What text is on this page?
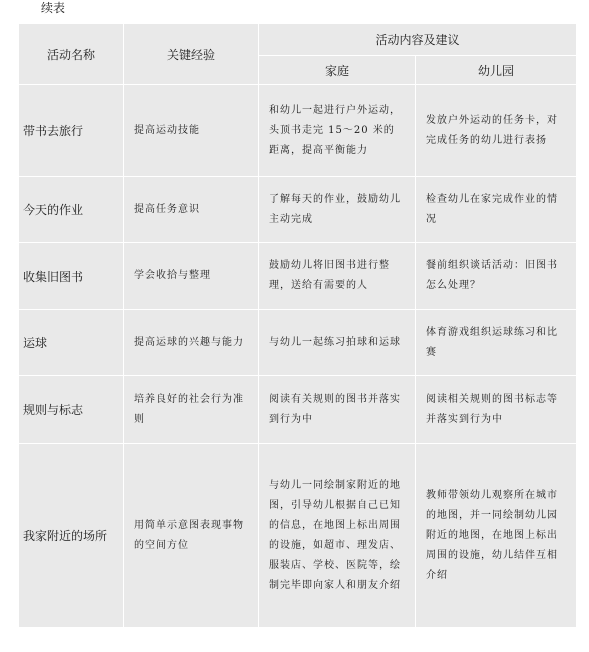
续表
活动名称	关键经验	活动内容及建议	
		家庭	幼儿园
带书去旅行	提高运动技能	和幼儿一起进行户外运动，头顶书走完 15～20 米的距离，提高平衡能力	发放户外运动的任务卡，对完成任务的幼儿进行表扬
今天的作业	提高任务意识	了解每天的作业，鼓励幼儿主动完成	检查幼儿在家完成作业的情况
收集旧图书	学会收拾与整理	鼓励幼儿将旧图书进行整理，送给有需要的人	餐前组织谈话活动：旧图书怎么处理？
运球	提高运球的兴趣与能力	与幼儿一起练习拍球和运球	体育游戏组织运球练习和比赛
规则与标志	培养良好的社会行为准则	阅读有关规则的图书并落实到行为中	阅读相关规则的图书标志等并落实到行为中
我家附近的场所	用简单示意图表现事物的空间方位	与幼儿一同绘制家附近的地图，引导幼儿根据自己已知的信息，在地图上标出周围的设施，如超市、理发店、服装店、学校、医院等，绘制完毕即向家人和朋友介绍	教师带领幼儿观察所在城市的地图，并一同绘制幼儿园附近的地图，在地图上标出周围的设施，幼儿结伴互相介绍
